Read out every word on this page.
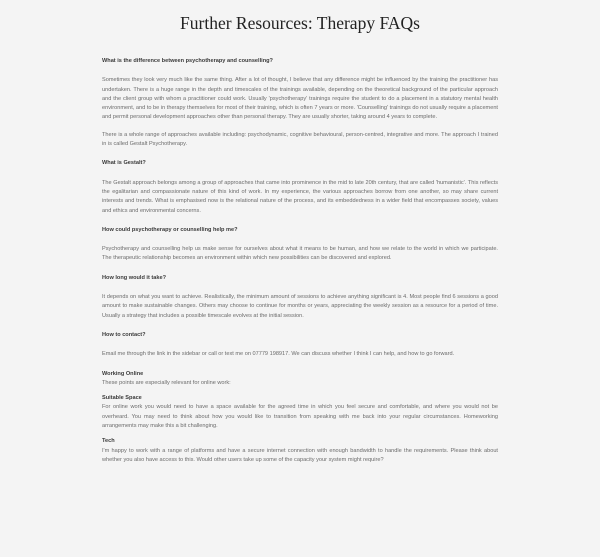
Further Resources: Therapy FAQs

What is the difference between psychotherapy and counselling?

Sometimes they look very much like the same thing. After a lot of thought, I believe that any difference might be influenced by the training the practitioner has undertaken. There is a huge range in the depth and timescales of the trainings available, depending on the theoretical background of the particular approach and the client group with whom a practitioner could work. Usually 'psychotherapy' trainings require the student to do a placement in a statutory mental health environment, and to be in therapy themselves for most of their training, which is often 7 years or more. 'Counselling' trainings do not usually require a placement and permit personal development approaches other than personal therapy. They are usually shorter, taking around 4 years to complete.

There is a whole range of approaches available including: psychodynamic, cognitive behavioural, person-centred, integrative and more. The approach I trained in is called Gestalt Psychotherapy.

What is Gestalt?

The Gestalt approach belongs among a group of approaches that came into prominence in the mid to late 20th century, that are called 'humanistic'. This reflects the egalitarian and compassionate nature of this kind of work. In my experience, the various approaches borrow from one another, so may share current interests and trends. What is emphasised now is the relational nature of the process, and its embeddedness in a wider field that encompasses society, values and ethics and environmental concerns.

How could psychotherapy or counselling help me?

Psychotherapy and counselling help us make sense for ourselves about what it means to be human, and how we relate to the world in which we participate. The therapeutic relationship becomes an environment within which new possibilities can be discovered and explored.

How long would it take?

It depends on what you want to achieve. Realistically, the minimum amount of sessions to achieve anything significant is 4. Most people find 6 sessions a good amount to make sustainable changes. Others may choose to continue for months or years, appreciating the weekly session as a resource for a period of time. Usually a strategy that includes a possible timescale evolves at the initial session.

How to contact?

Email me through the link in the sidebar or call or text me on 07779 198917. We can discuss whether I think I can help, and how to go forward.

Working Online

These points are especially relevant for online work:

Suitable Space

For online work you would need to have a space available for the agreed time in which you feel secure and comfortable, and where you would not be overheard. You may need to think about how you would like to transition from speaking with me back into your regular circumstances. Homeworking arrangements may make this a bit challenging.

Tech

I'm happy to work with a range of platforms and have a secure internet connection with enough bandwidth to handle the requirements. Please think about whether you also have access to this. Would other users take up some of the capacity your system might require?
